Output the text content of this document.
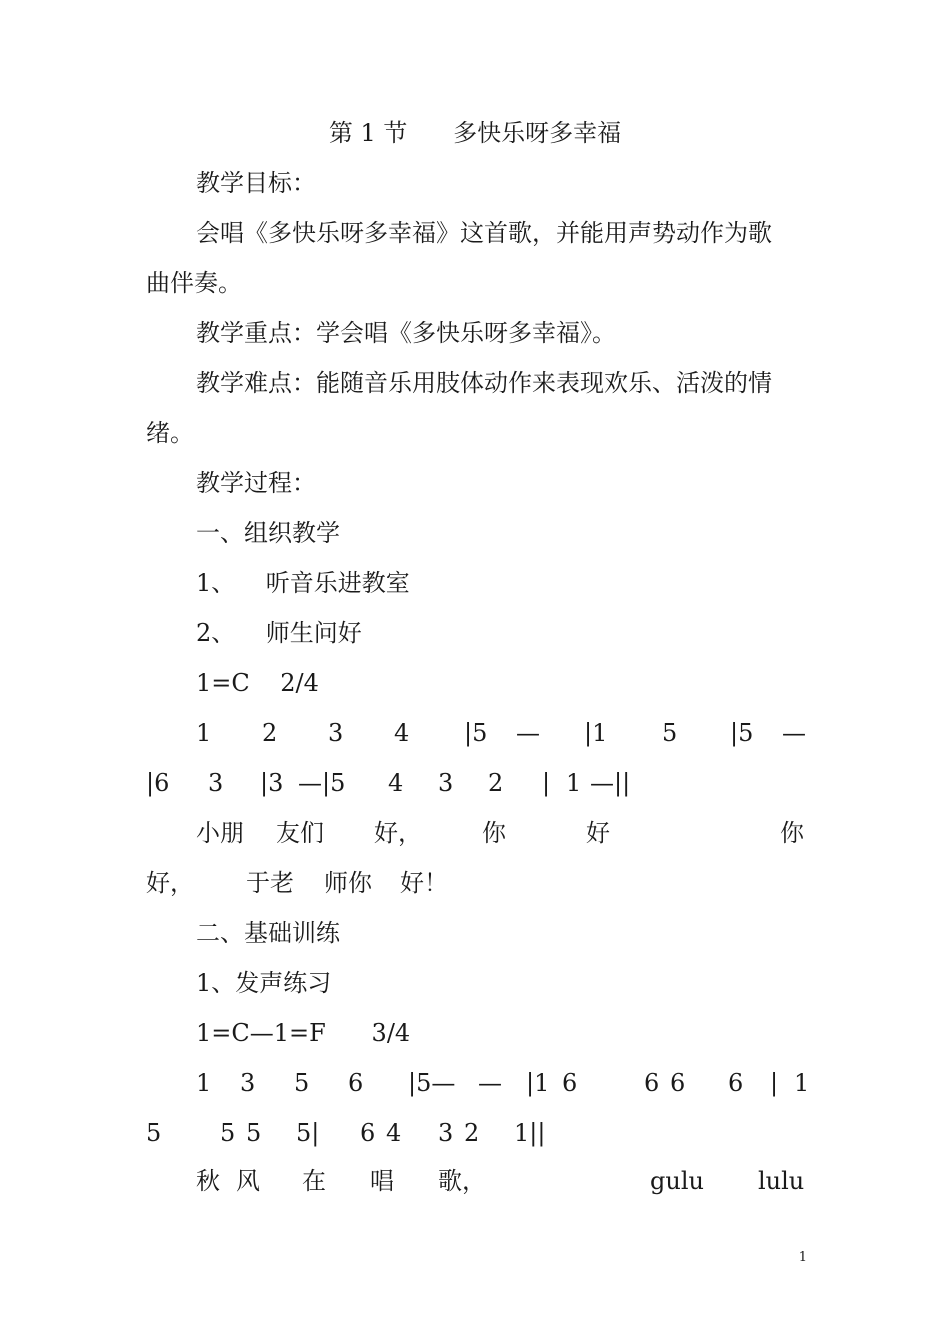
第 1 节      多快乐呀多幸福
教学目标：
会唱《多快乐呀多幸福》这首歌，并能用声势动作为歌
曲伴奏。
教学重点：学会唱《多快乐呀多幸福》。
教学难点：能随音乐用肢体动作来表现欢乐、活泼的情
绪。
教学过程：
一、组织教学
1、    听音乐进教室
2、    师生问好
1=C    2/4
1 2 3 4 |5 — |1 5 |5 —
|6 3 |3 —|5 4 3 2 | 1 —||
小朋 友们 好，	你	好	你
好， 于老 师你 好！
二、基础训练
1、发声练习
1=C—1=F      3/4
1 3 5 6 |5— — |1 6	6 6 6 | 1
5 5 5 5| 6 4 3 2 1||
秋 风 在 唱 歌，	gulu lulu
1
